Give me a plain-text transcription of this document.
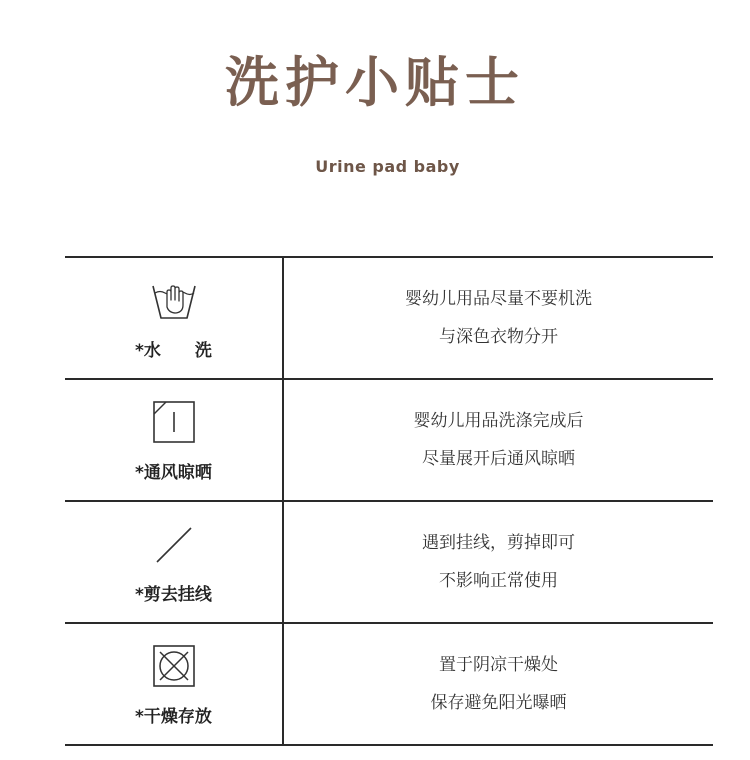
洗护小贴士
Urine pad baby
*水　　洗
婴幼儿用品尽量不要机洗
与深色衣物分开
*通风晾晒
婴幼儿用品洗涤完成后
尽量展开后通风晾晒
*剪去挂线
遇到挂线，剪掉即可
不影响正常使用
*干燥存放
置于阴凉干燥处
保存避免阳光曝晒
